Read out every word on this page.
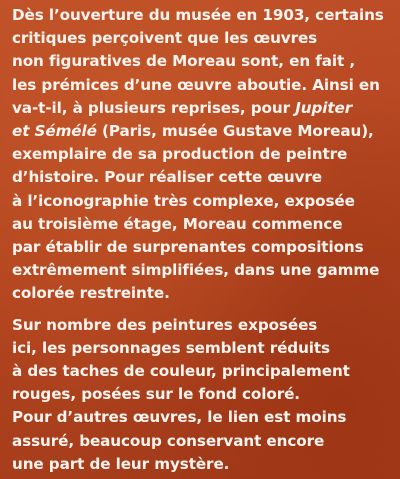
Dès l’ouverture du musée en 1903, certains
critiques perçoivent que les œuvres
non figuratives de Moreau sont, en fait ,
les prémices d’une œuvre aboutie. Ainsi en
va-t-il, à plusieurs reprises, pour Jupiter
et Sémélé (Paris, musée Gustave Moreau),
exemplaire de sa production de peintre
d’histoire. Pour réaliser cette œuvre
à l’iconographie très complexe, exposée
au troisième étage, Moreau commence
par établir de surprenantes compositions
extrêmement simplifiées, dans une gamme
colorée restreinte.

Sur nombre des peintures exposées
ici, les personnages semblent réduits
à des taches de couleur, principalement
rouges, posées sur le fond coloré.
Pour d’autres œuvres, le lien est moins
assuré, beaucoup conservant encore
une part de leur mystère.
